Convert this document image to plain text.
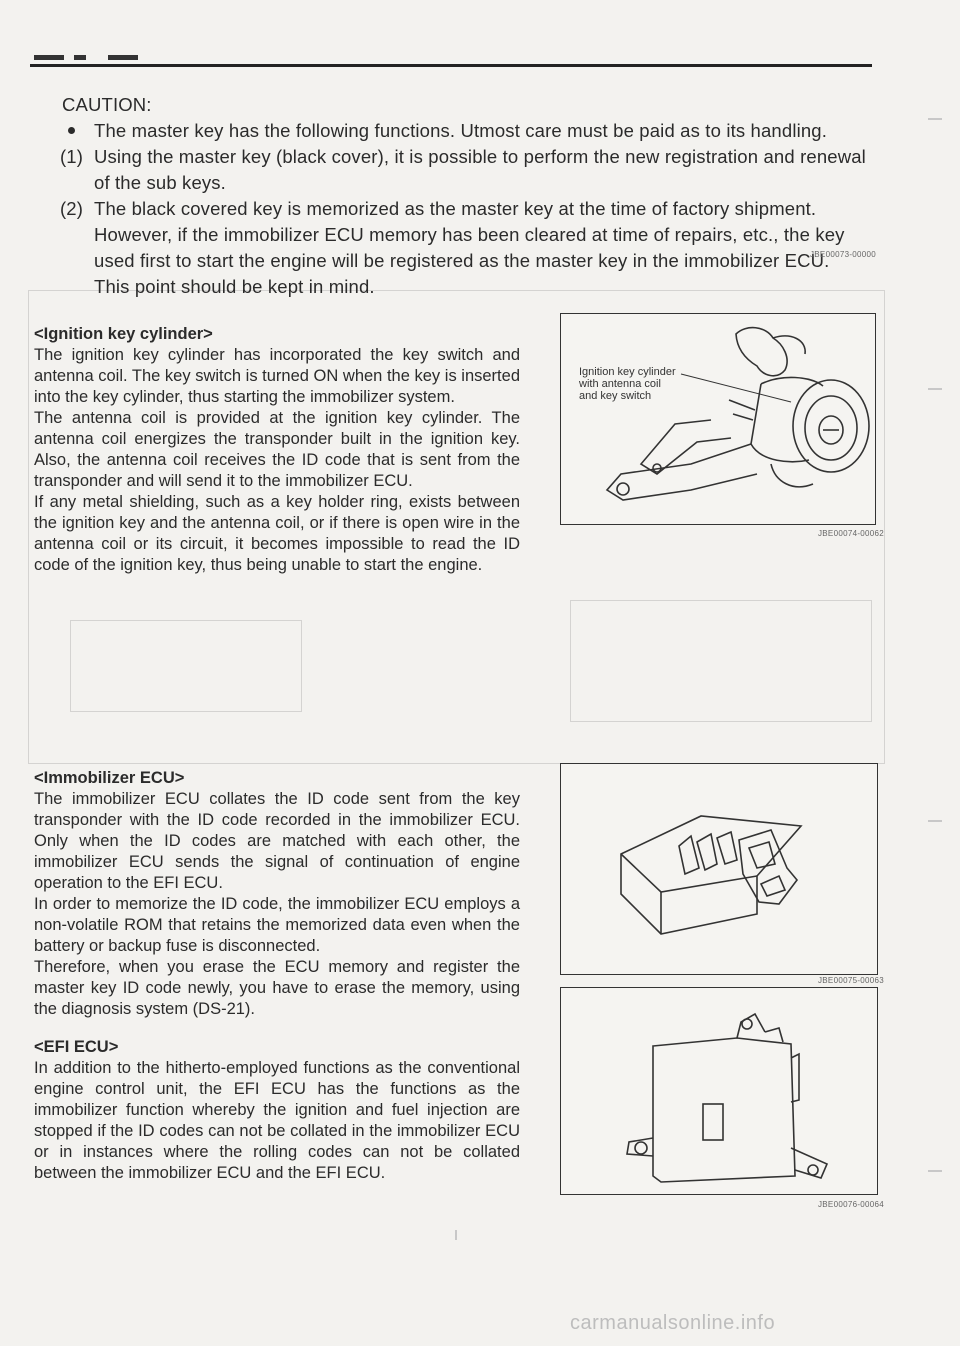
CAUTION:
The master key has the following functions. Utmost care must be paid as to its handling.
(1) Using the master key (black cover), it is possible to perform the new registration and renewal of the sub keys.
(2) The black covered key is memorized as the master key at the time of factory shipment. However, if the immobilizer ECU memory has been cleared at time of repairs, etc., the key used first to start the engine will be registered as the master key in the immobilizer ECU.
This point should be kept in mind.
JBE00073-00000
<Ignition key cylinder>
The ignition key cylinder has incorporated the key switch and antenna coil. The key switch is turned ON when the key is inserted into the key cylinder, thus starting the immobilizer system.
The antenna coil is provided at the ignition key cylinder. The antenna coil energizes the transponder built in the ignition key. Also, the antenna coil receives the ID code that is sent from the transponder and will send it to the immobilizer ECU.
If any metal shielding, such as a key holder ring, exists between the ignition key and the antenna coil, or if there is open wire in the antenna coil or its circuit, it becomes impossible to read the ID code of the ignition key, thus being unable to start the engine.
Ignition key cylinder
with antenna coil
and key switch
JBE00074-00062
<Immobilizer ECU>
The immobilizer ECU collates the ID code sent from the key transponder with the ID code recorded in the immobilizer ECU. Only when the ID codes are matched with each other, the immobilizer ECU sends the signal of continuation of engine operation to the EFI ECU.
In order to memorize the ID code, the immobilizer ECU employs a non-volatile ROM that retains the memorized data even when the battery or backup fuse is disconnected.
Therefore, when you erase the ECU memory and register the master key ID code newly, you have to erase the memory, using the diagnosis system (DS-21).
JBE00075-00063
<EFI ECU>
In addition to the hitherto-employed functions as the conventional engine control unit, the EFI ECU has the functions as the immobilizer function whereby the ignition and fuel injection are stopped if the ID codes can not be collated in the immobilizer ECU or in instances where the rolling codes can not be collated between the immobilizer ECU and the EFI ECU.
JBE00076-00064
carmanualsonline.info
